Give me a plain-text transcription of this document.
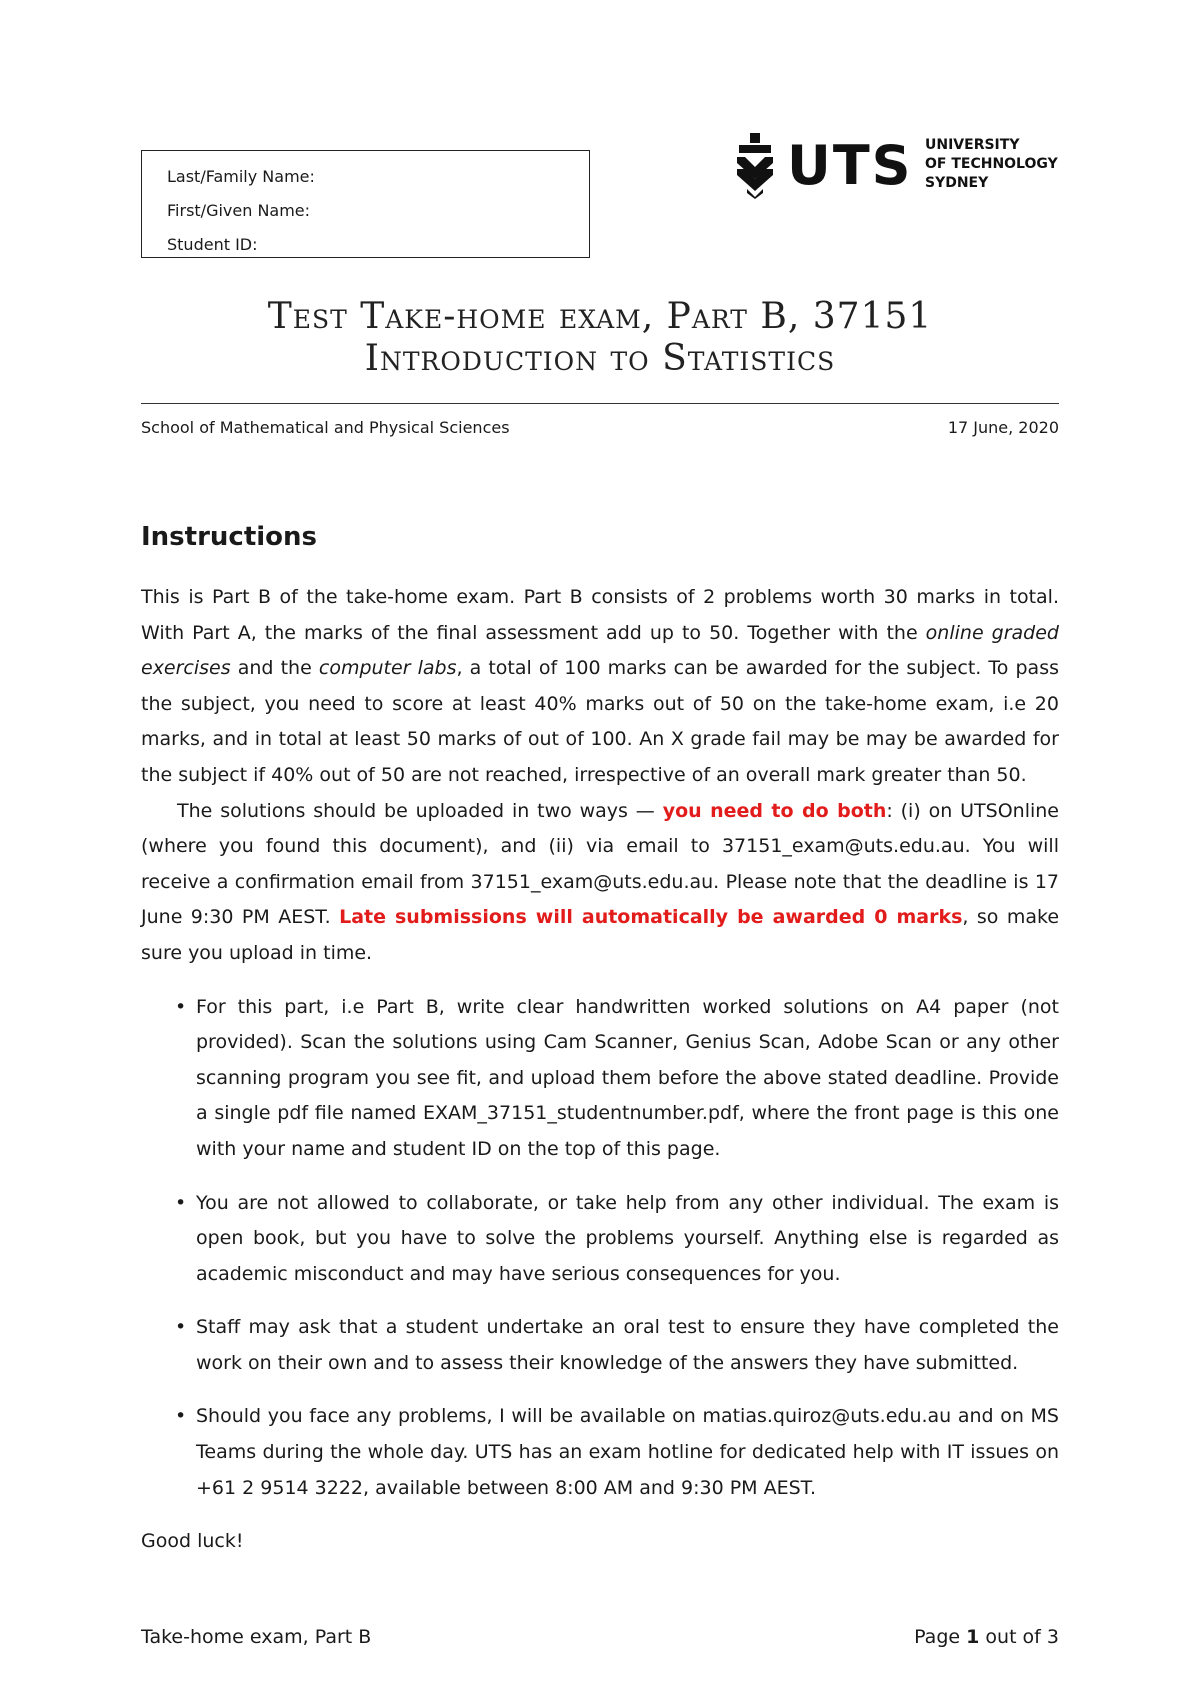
Last/Family Name:
First/Given Name:
Student ID:
UTS UNIVERSITY
OF TECHNOLOGY
SYDNEY
Test Take-home exam, Part B, 37151
Introduction to Statistics
School of Mathematical and Physical Sciences	17 June, 2020
Instructions

This is Part B of the take-home exam. Part B consists of 2 problems worth 30 marks in total. With Part A, the marks of the final assessment add up to 50. Together with the online graded exercises and the computer labs, a total of 100 marks can be awarded for the subject. To pass the subject, you need to score at least 40% marks out of 50 on the take-home exam, i.e 20 marks, and in total at least 50 marks of out of 100. An X grade fail may be may be awarded for the subject if 40% out of 50 are not reached, irrespective of an overall mark greater than 50.

The solutions should be uploaded in two ways — you need to do both: (i) on UTSOnline (where you found this document), and (ii) via email to 37151_exam@uts.edu.au. You will receive a confirmation email from 37151_exam@uts.edu.au. Please note that the deadline is 17 June 9:30 PM AEST. Late submissions will automatically be awarded 0 marks, so make sure you upload in time.

• For this part, i.e Part B, write clear handwritten worked solutions on A4 paper (not provided). Scan the solutions using Cam Scanner, Genius Scan, Adobe Scan or any other scanning program you see fit, and upload them before the above stated deadline. Provide a single pdf file named EXAM_37151_studentnumber.pdf, where the front page is this one with your name and student ID on the top of this page.
• You are not allowed to collaborate, or take help from any other individual. The exam is open book, but you have to solve the problems yourself. Anything else is regarded as academic misconduct and may have serious consequences for you.
• Staff may ask that a student undertake an oral test to ensure they have completed the work on their own and to assess their knowledge of the answers they have submitted.
• Should you face any problems, I will be available on matias.quiroz@uts.edu.au and on MS Teams during the whole day. UTS has an exam hotline for dedicated help with IT issues on +61 2 9514 3222, available between 8:00 AM and 9:30 PM AEST.

Good luck!

Take-home exam, Part B	Page 1 out of 3
